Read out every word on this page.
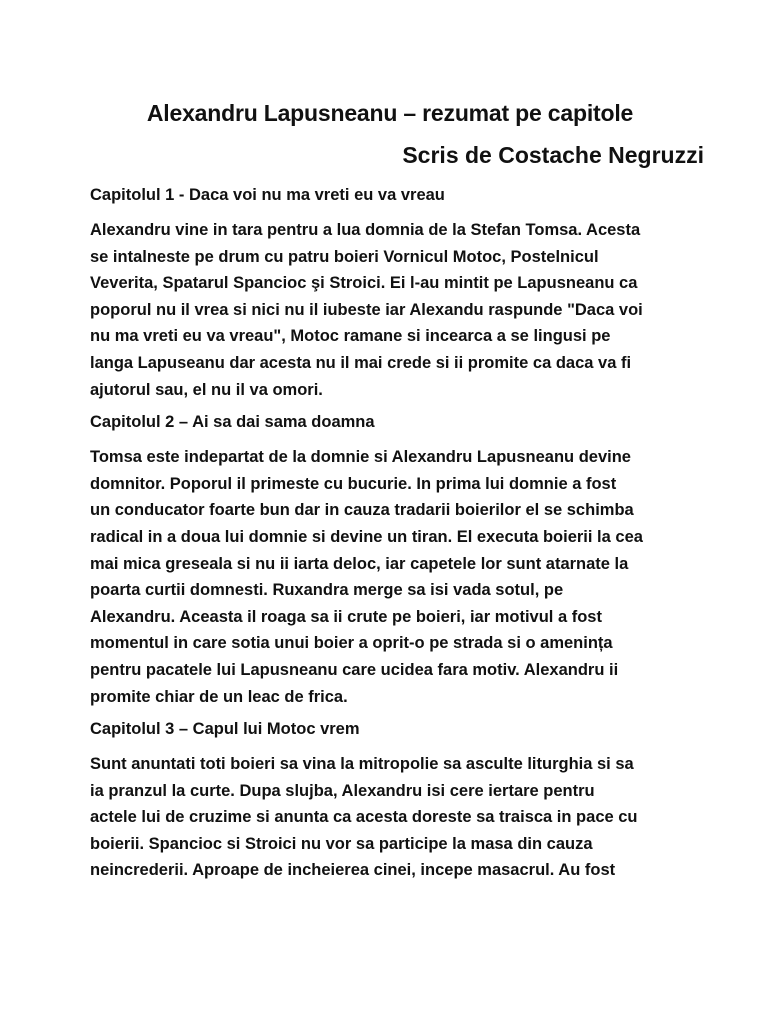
Alexandru Lapusneanu – rezumat pe capitole
Scris de Costache Negruzzi
Capitolul 1 - Daca voi nu ma vreti eu va vreau
Alexandru vine in tara pentru a lua domnia de la Stefan Tomsa. Acesta
se intalneste pe drum cu patru boieri Vornicul Motoc, Postelnicul
Veverita, Spatarul Spancioc şi Stroici. Ei l-au mintit pe Lapusneanu ca
poporul nu il vrea si nici nu il iubeste iar Alexandu raspunde "Daca voi
nu ma vreti eu va vreau", Motoc ramane si incearca a se lingusi pe
langa Lapuseanu dar acesta nu il mai crede si ii promite ca daca va fi
ajutorul sau, el nu il va omori.
Capitolul 2 – Ai sa dai sama doamna
Tomsa este indepartat de la domnie si Alexandru Lapusneanu devine
domnitor. Poporul il primeste cu bucurie. In prima lui domnie a fost
un conducator foarte bun dar in cauza tradarii boierilor el se schimba
radical in a doua lui domnie si devine un tiran. El executa boierii la cea
mai mica greseala si nu ii iarta deloc, iar capetele lor sunt atarnate la
poarta curtii domnesti. Ruxandra merge sa isi vada sotul, pe
Alexandru. Aceasta il roaga sa ii crute pe boieri, iar motivul a fost
momentul in care sotia unui boier a oprit-o pe strada si o amenința
pentru pacatele lui Lapusneanu care ucidea fara motiv. Alexandru ii
promite chiar de un leac de frica.
Capitolul 3 – Capul lui Motoc vrem
Sunt anuntati toti boieri sa vina la mitropolie sa asculte liturghia si sa
ia pranzul la curte. Dupa slujba, Alexandru isi cere iertare pentru
actele lui de cruzime si anunta ca acesta doreste sa traisca in pace cu
boierii. Spancioc si Stroici nu vor sa participe la masa din cauza
neincrederii. Aproape de incheierea cinei, incepe masacrul. Au fost
